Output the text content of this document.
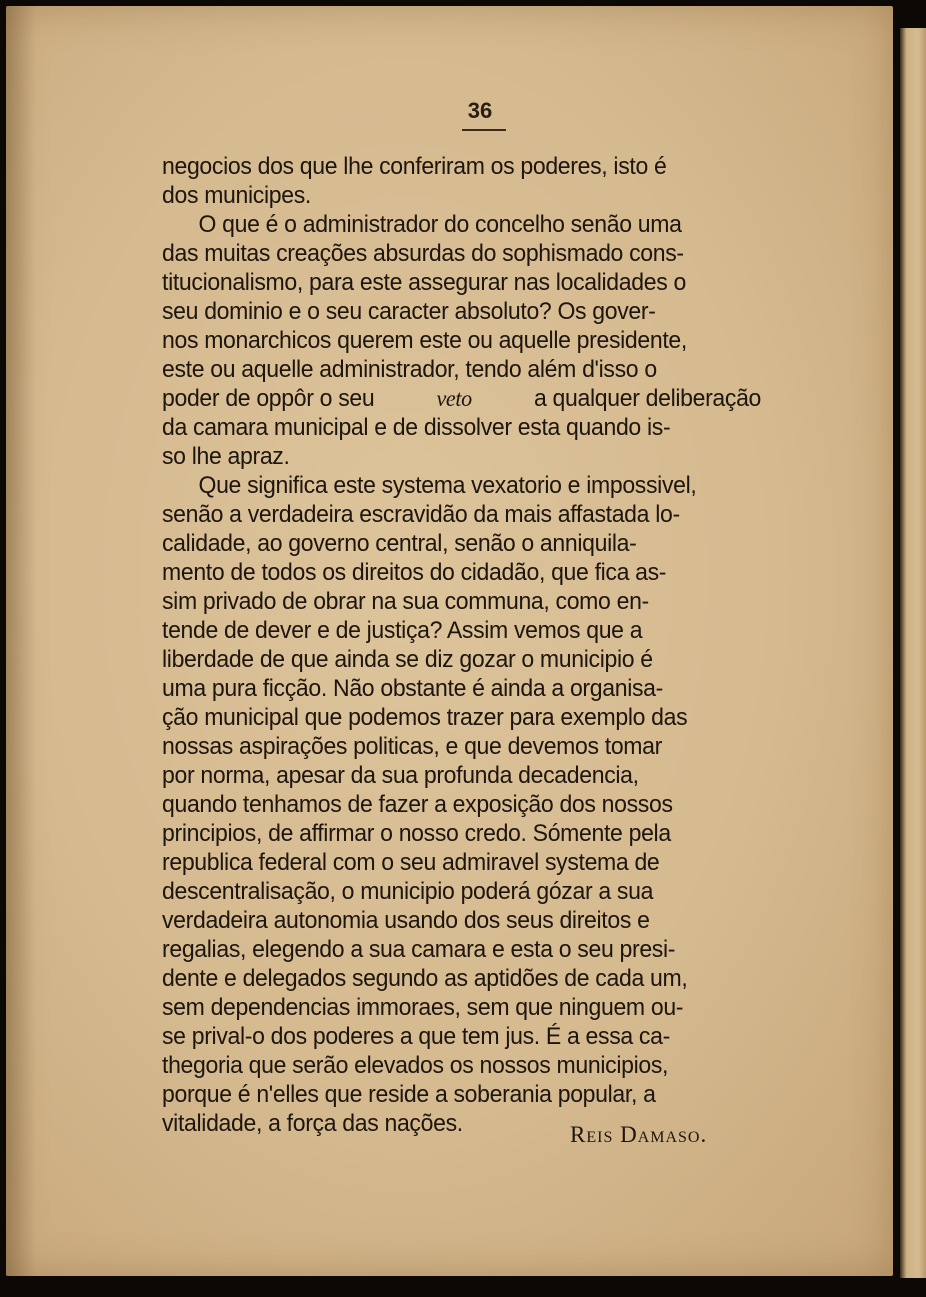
36
negocios dos que lhe conferiram os poderes, isto é
dos municipes.
O que é o administrador do concelho senão uma
das muitas creações absurdas do sophismado cons-
titucionalismo, para este assegurar nas localidades o
seu dominio e o seu caracter absoluto? Os gover-
nos monarchicos querem este ou aquelle presidente,
este ou aquelle administrador, tendo além d'isso o
poder de oppôr o seu	veto	a qualquer deliberação
da camara municipal e de dissolver esta quando is-
so lhe apraz.
Que significa este systema vexatorio e impossivel,
senão a verdadeira escravidão da mais affastada lo-
calidade, ao governo central, senão o anniquila-
mento de todos os direitos do cidadão, que fica as-
sim privado de obrar na sua communa, como en-
tende de dever e de justiça? Assim vemos que a
liberdade de que ainda se diz gozar o municipio é
uma pura ficção. Não obstante é ainda a organisa-
ção municipal que podemos trazer para exemplo das
nossas aspirações politicas, e que devemos tomar
por norma, apesar da sua profunda decadencia,
quando tenhamos de fazer a exposição dos nossos
principios, de affirmar o nosso credo. Sómente pela
republica federal com o seu admiravel systema de
descentralisação, o municipio poderá gózar a sua
verdadeira autonomia usando dos seus direitos e
regalias, elegendo a sua camara e esta o seu presi-
dente e delegados segundo as aptidões de cada um,
sem dependencias immoraes, sem que ninguem ou-
se prival-o dos poderes a que tem jus. É a essa ca-
thegoria que serão elevados os nossos municipios,
porque é n'elles que reside a soberania popular, a
vitalidade, a força das nações.	Reis Damaso.
